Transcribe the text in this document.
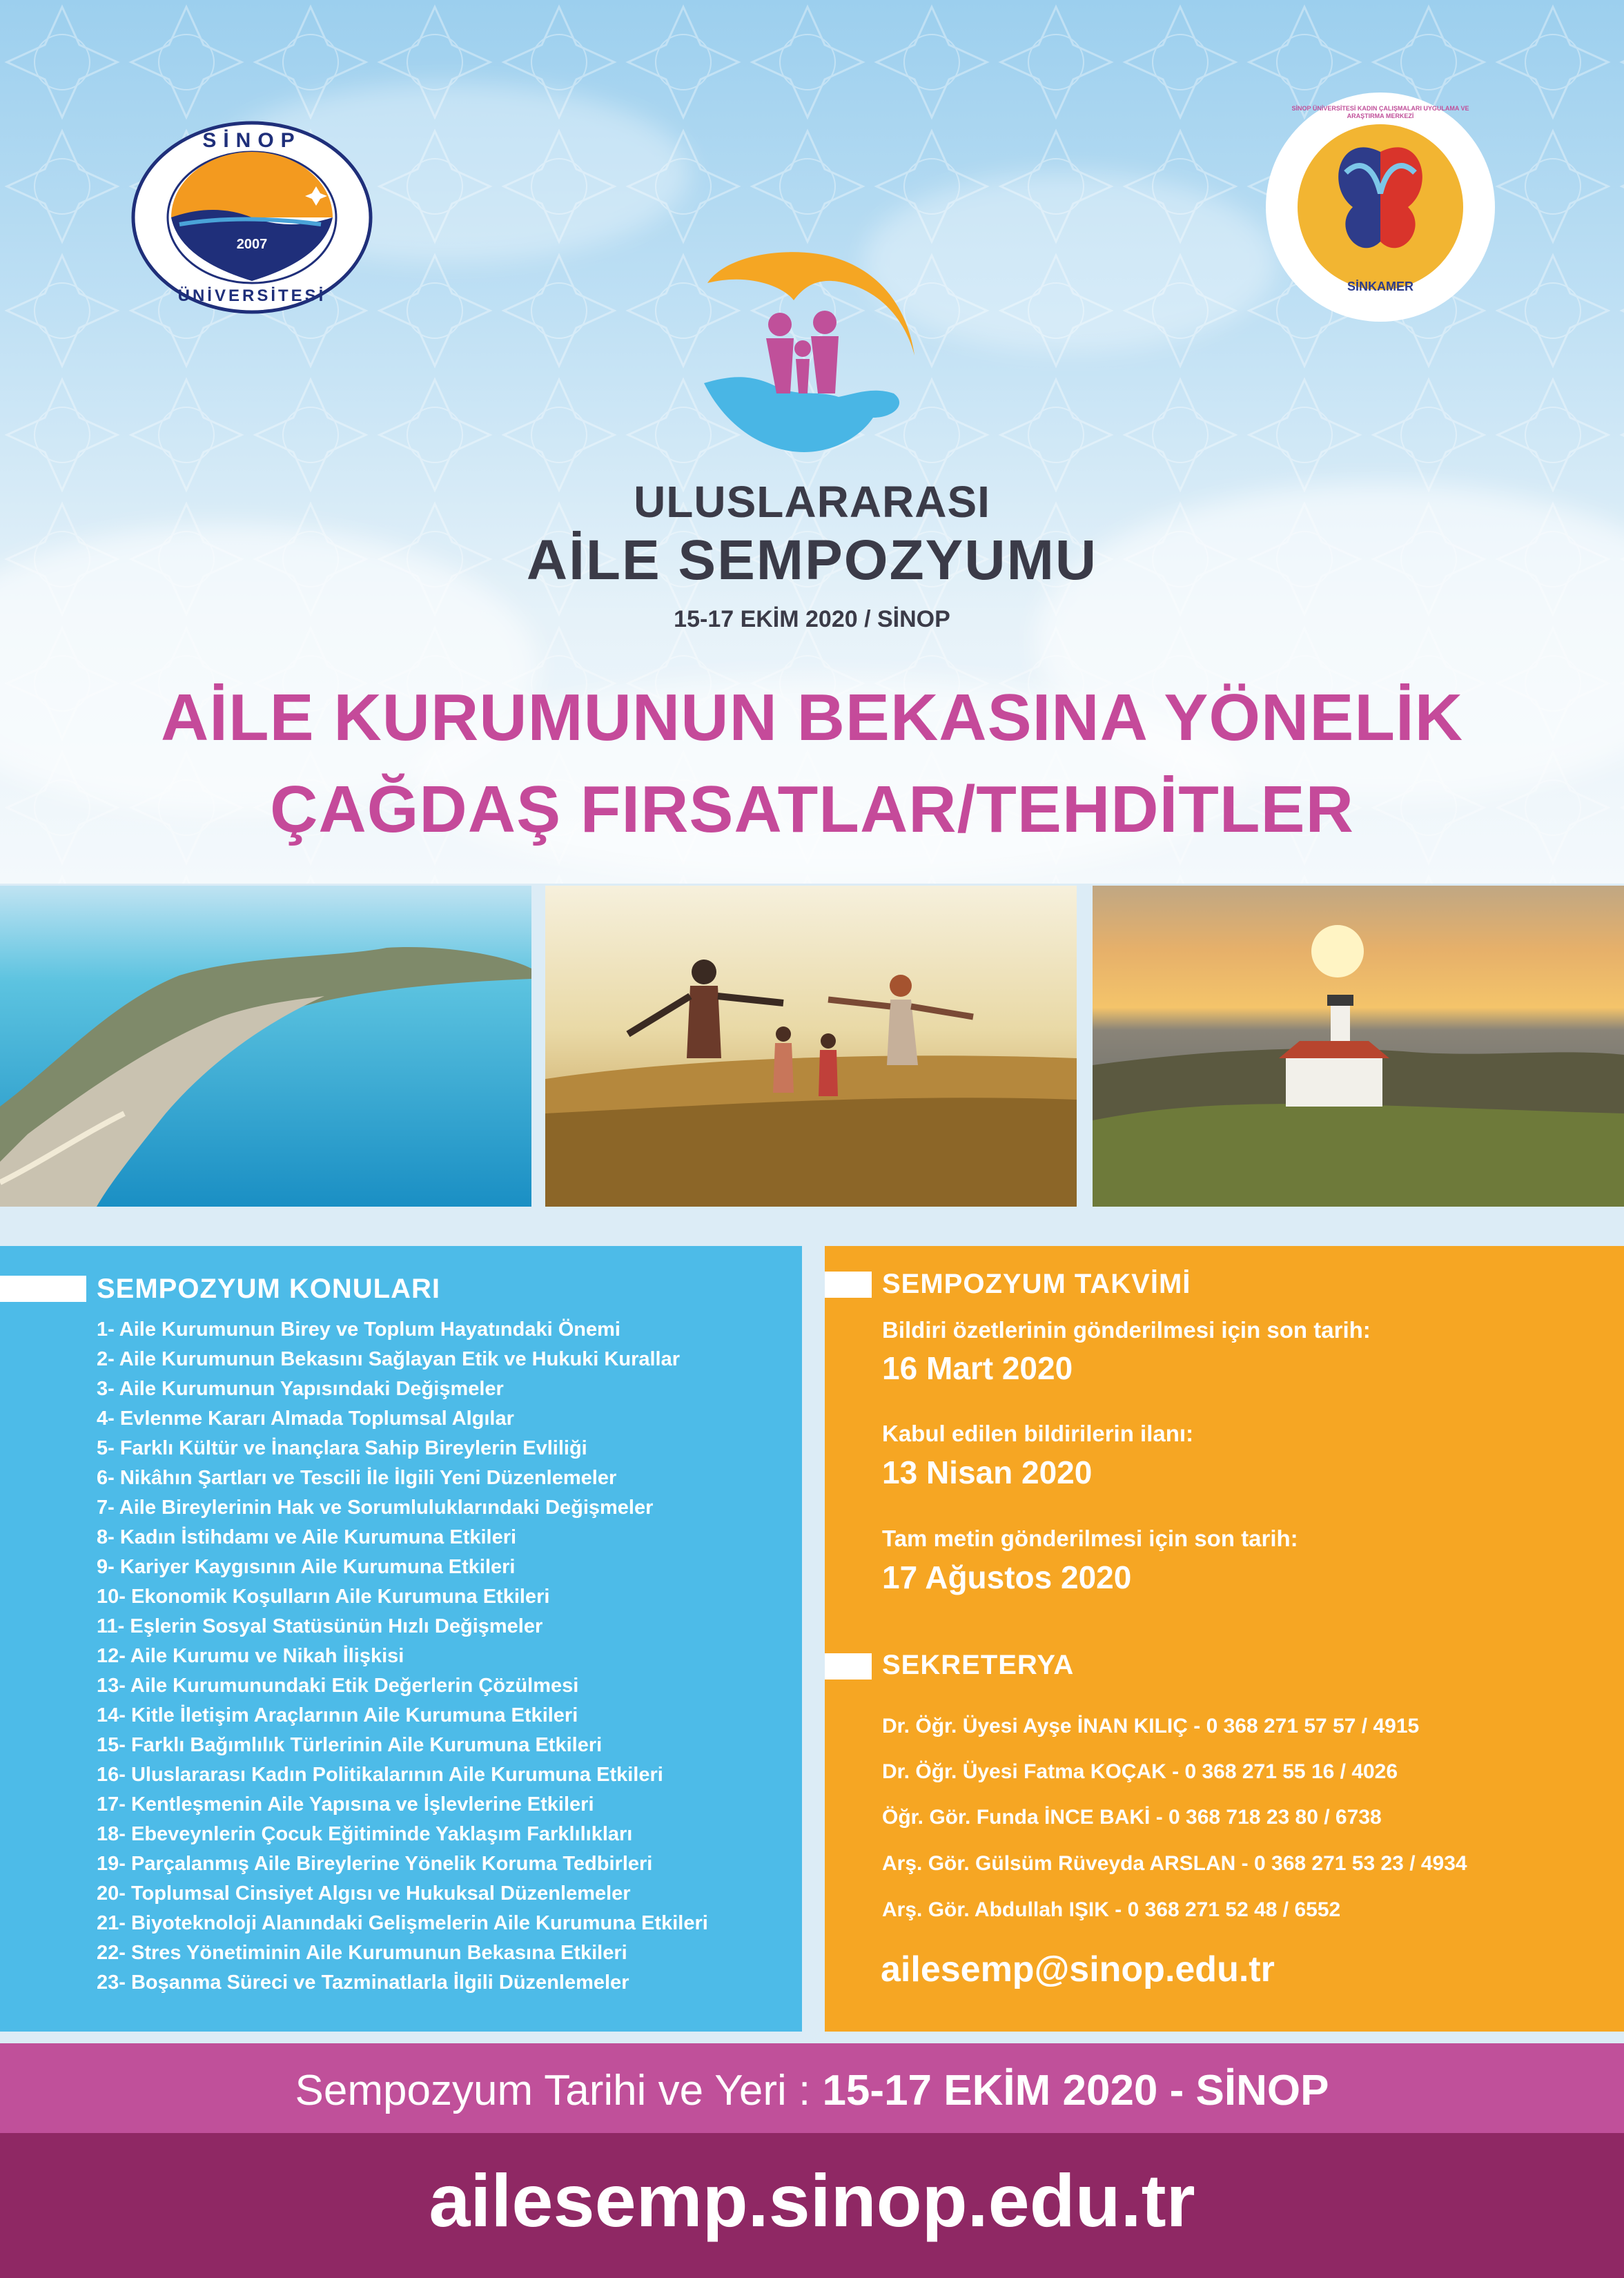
SİNOP
2007
ÜNİVERSİTESİ
SİNOP ÜNİVERSİTESİ KADIN ÇALIŞMALARI UYGULAMA VE ARAŞTIRMA MERKEZİ
SİNKAMER
ULUSLARARASI
AİLE SEMPOZYUMU
15-17 EKİM 2020 / SİNOP
AİLE KURUMUNUN BEKASINA YÖNELİK
ÇAĞDAŞ FIRSATLAR/TEHDİTLER
SEMPOZYUM KONULARI
1- Aile Kurumunun Birey ve Toplum Hayatındaki Önemi
2- Aile Kurumunun Bekasını Sağlayan Etik ve Hukuki Kurallar
3- Aile Kurumunun Yapısındaki Değişmeler
4- Evlenme Kararı Almada Toplumsal Algılar
5- Farklı Kültür ve İnançlara Sahip Bireylerin Evliliği
6- Nikâhın Şartları ve Tescili İle İlgili Yeni Düzenlemeler
7- Aile Bireylerinin Hak ve Sorumluluklarındaki Değişmeler
8- Kadın İstihdamı ve Aile Kurumuna Etkileri
9- Kariyer Kaygısının Aile Kurumuna Etkileri
10- Ekonomik Koşulların Aile Kurumuna Etkileri
11- Eşlerin Sosyal Statüsünün Hızlı Değişmeler
12- Aile Kurumu ve Nikah İlişkisi
13- Aile Kurumunundaki Etik Değerlerin Çözülmesi
14- Kitle İletişim Araçlarının Aile Kurumuna Etkileri
15- Farklı Bağımlılık Türlerinin Aile Kurumuna Etkileri
16- Uluslararası Kadın Politikalarının Aile Kurumuna Etkileri
17- Kentleşmenin Aile Yapısına ve İşlevlerine Etkileri
18- Ebeveynlerin Çocuk Eğitiminde Yaklaşım Farklılıkları
19- Parçalanmış Aile Bireylerine Yönelik Koruma Tedbirleri
20- Toplumsal Cinsiyet Algısı ve Hukuksal Düzenlemeler
21- Biyoteknoloji Alanındaki Gelişmelerin Aile Kurumuna Etkileri
22- Stres Yönetiminin Aile Kurumunun Bekasına Etkileri
23- Boşanma Süreci ve Tazminatlarla İlgili Düzenlemeler
SEMPOZYUM TAKVİMİ
Bildiri özetlerinin gönderilmesi için son tarih:
16 Mart 2020
Kabul edilen bildirilerin ilanı:
13 Nisan 2020
Tam metin gönderilmesi için son tarih:
17 Ağustos 2020
SEKRETERYA
Dr. Öğr. Üyesi Ayşe İNAN KILIÇ - 0 368 271 57 57 / 4915
Dr. Öğr. Üyesi Fatma KOÇAK - 0 368 271 55 16 / 4026
Öğr. Gör. Funda İNCE BAKİ - 0 368 718 23 80 / 6738
Arş. Gör. Gülsüm Rüveyda ARSLAN - 0 368 271 53 23 / 4934
Arş. Gör. Abdullah IŞIK - 0 368 271 52 48 / 6552
ailesemp@sinop.edu.tr
Sempozyum Tarihi ve Yeri : 15-17 EKİM 2020 - SİNOP
ailesemp.sinop.edu.tr
